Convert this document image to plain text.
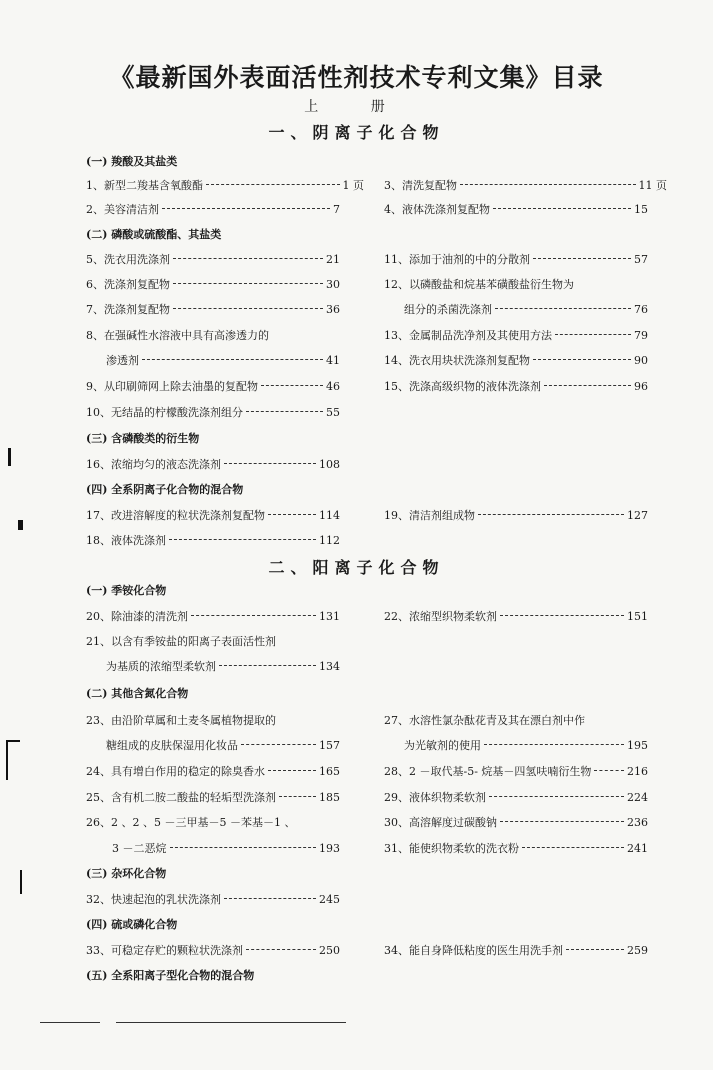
《最新国外表面活性剂技术专利文集》目录
上 册
一、阴离子化合物
(一) 羧酸及其盐类
1、新型二羧基含氧酸酯	1 页 3、清洗复配物	11 页
2、美容清洁剂	7	4、液体洗涤剂复配物	15
(二) 磷酸或硫酸酯、其盐类
5、洗衣用洗涤剂	21	11、添加于油剂的中的分散剂	57
6、洗涤剂复配物	30	12、以磷酸盐和烷基苯磺酸盐衍生物为
7、洗涤剂复配物	36	组分的杀菌洗涤剂	76
8、在强碱性水溶液中具有高渗透力的	13、金属制品洗净剂及其使用方法	79
渗透剂	41	14、洗衣用块状洗涤剂复配物	90
9、从印刷筛网上除去油墨的复配物	46	15、洗涤高级织物的液体洗涤剂	96
10、无结晶的柠檬酸洗涤剂组分	55
(三) 含磷酸类的衍生物
16、浓缩均匀的液态洗涤剂	108
(四) 全系阴离子化合物的混合物
17、改进溶解度的粒状洗涤剂复配物	114	19、清洁剂组成物	127
18、液体洗涤剂	112
二、阳离子化合物
(一) 季铵化合物
20、除油漆的清洗剂	131	22、浓缩型织物柔软剂	151
21、以含有季铵盐的阳离子表面活性剂
为基质的浓缩型柔软剂	134
(二) 其他含氮化合物
23、由沿阶草属和土麦冬属植物提取的	27、水溶性氯杂酞花青及其在漂白剂中作
糖组成的皮肤保湿用化妆品	157	为光敏剂的使用	195
24、具有增白作用的稳定的除臭香水	165	28、2 －取代基-5- 烷基－四氢呋喃衍生物	216
25、含有机二胺二酸盐的轻垢型洗涤剂	185	29、液体织物柔软剂	224
26、2 、2 、5 －三甲基－5 －苯基－1 、	30、高溶解度过碳酸钠	236
3 －二恶烷	193	31、能使织物柔软的洗衣粉	241
(三) 杂环化合物
32、快速起泡的乳状洗涤剂	245
(四) 硫或磷化合物
33、可稳定存贮的颗粒状洗涤剂	250	34、能自身降低粘度的医生用洗手剂	259
(五) 全系阳离子型化合物的混合物
